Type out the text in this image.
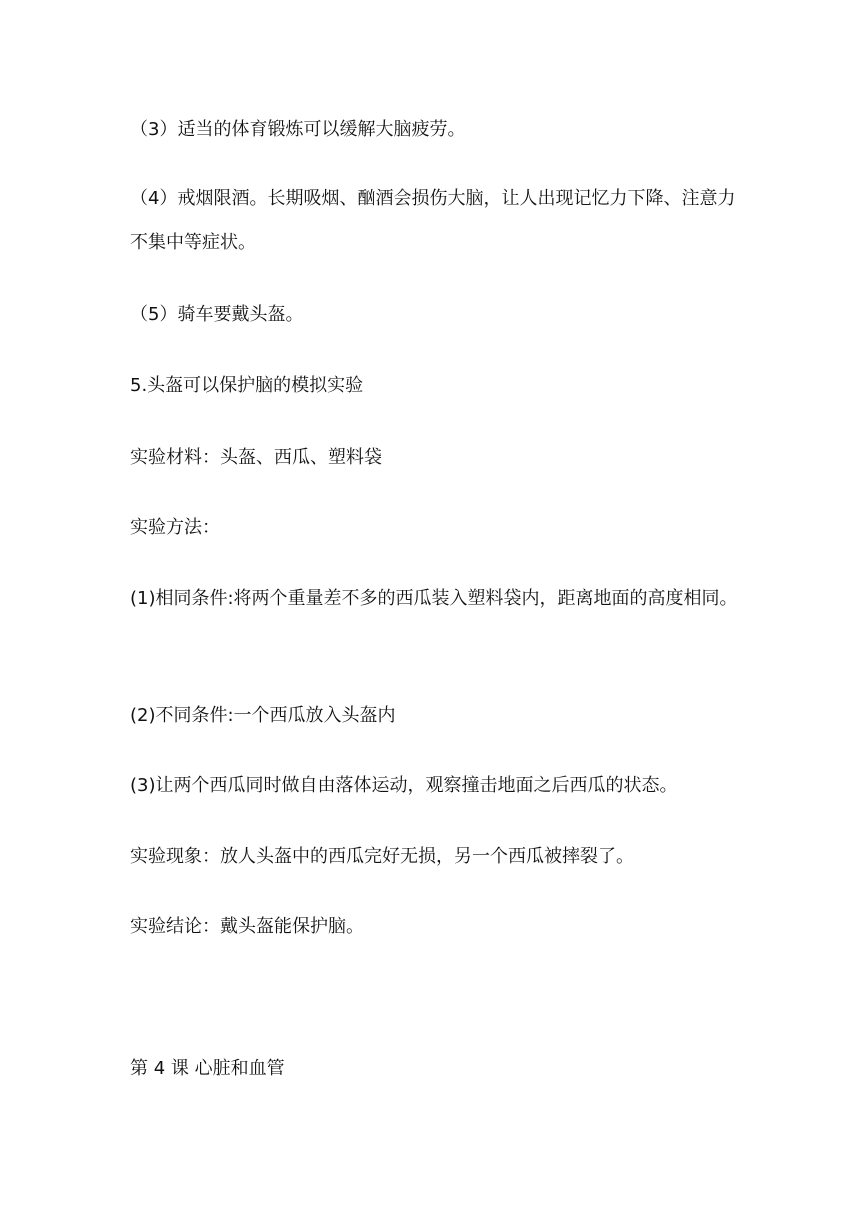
（3）适当的体育锻炼可以缓解大脑疲劳。

（4）戒烟限酒。长期吸烟、酗酒会损伤大脑，让人出现记忆力下降、注意力不集中等症状。

（5）骑车要戴头盔。

5.头盔可以保护脑的模拟实验

实验材料：头盔、西瓜、塑料袋

实验方法：

(1)相同条件:将两个重量差不多的西瓜装入塑料袋内，距离地面的高度相同。

(2)不同条件:一个西瓜放入头盔内

(3)让两个西瓜同时做自由落体运动，观察撞击地面之后西瓜的状态。

实验现象：放人头盔中的西瓜完好无损，另一个西瓜被摔裂了。

实验结论：戴头盔能保护脑。

第 4 课 心脏和血管
